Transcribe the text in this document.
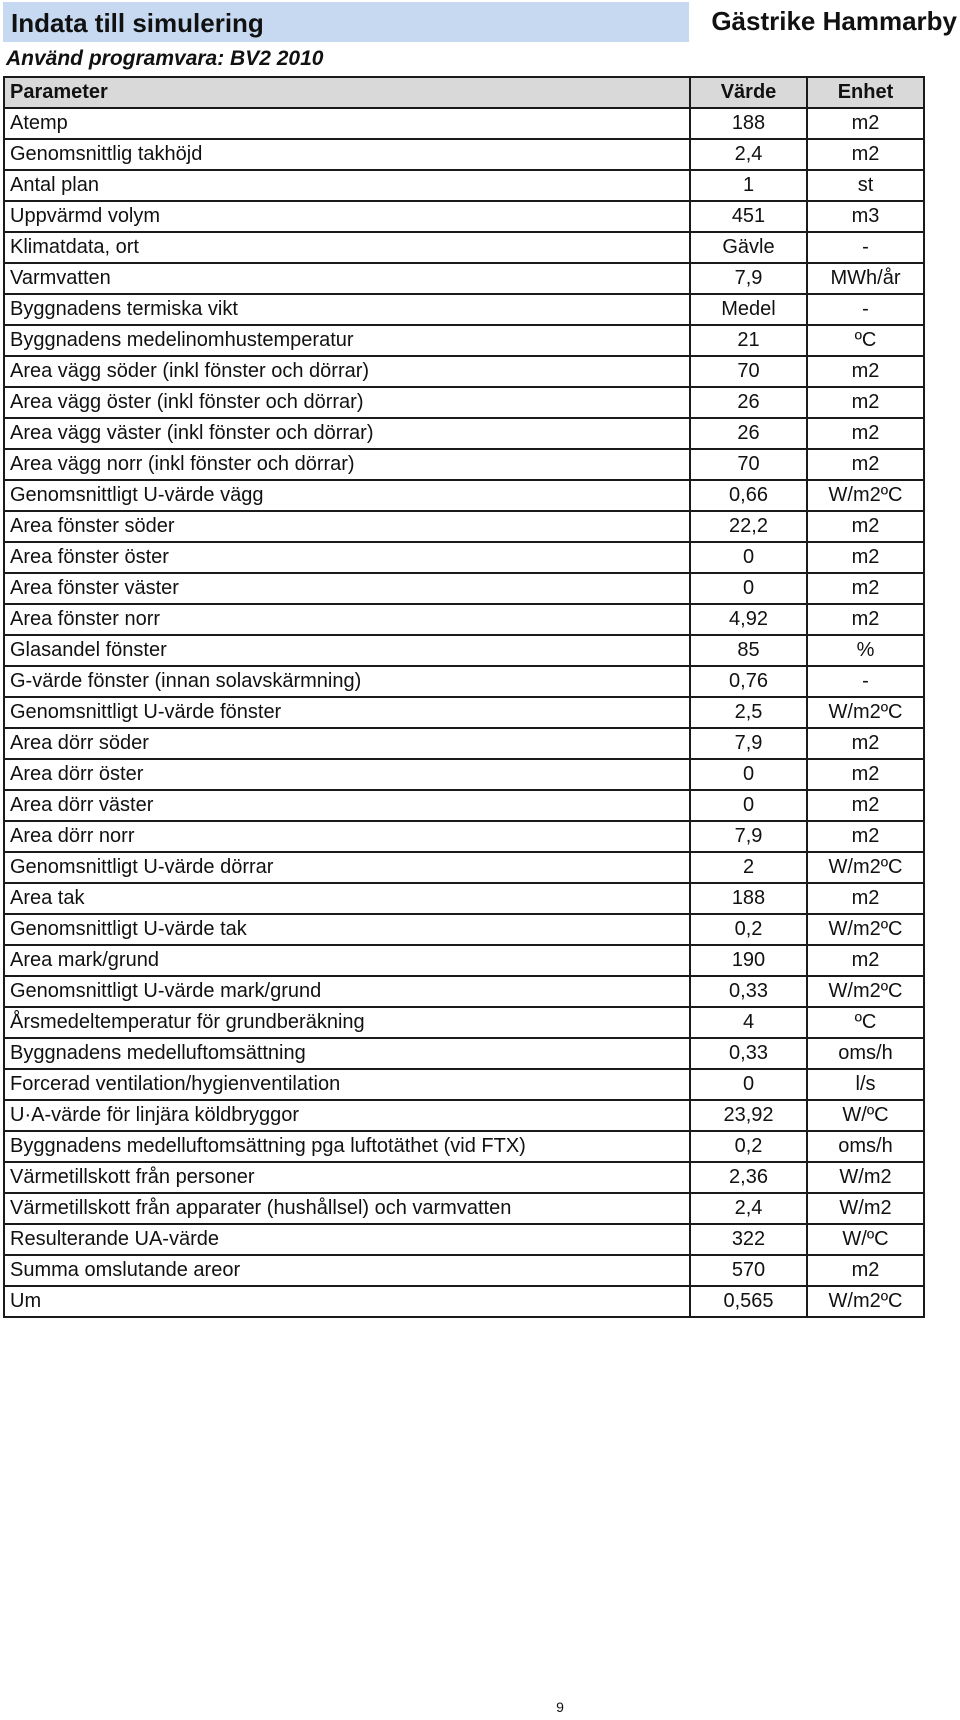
Indata till simulering	Gästrike Hammarby
Använd programvara: BV2 2010
Parameter	Värde	Enhet
Atemp	188	m2
Genomsnittlig takhöjd	2,4	m2
Antal plan	1	st
Uppvärmd volym	451	m3
Klimatdata, ort	Gävle	-
Varmvatten	7,9	MWh/år
Byggnadens termiska vikt	Medel	-
Byggnadens medelinomhustemperatur	21	ºC
Area vägg söder (inkl fönster och dörrar)	70	m2
Area vägg öster (inkl fönster och dörrar)	26	m2
Area vägg väster (inkl fönster och dörrar)	26	m2
Area vägg norr (inkl fönster och dörrar)	70	m2
Genomsnittligt U-värde vägg	0,66	W/m2ºC
Area fönster söder	22,2	m2
Area fönster öster	0	m2
Area fönster väster	0	m2
Area fönster norr	4,92	m2
Glasandel fönster	85	%
G-värde fönster (innan solavskärmning)	0,76	-
Genomsnittligt U-värde fönster	2,5	W/m2ºC
Area dörr söder	7,9	m2
Area dörr öster	0	m2
Area dörr väster	0	m2
Area dörr norr	7,9	m2
Genomsnittligt U-värde dörrar	2	W/m2ºC
Area tak	188	m2
Genomsnittligt U-värde tak	0,2	W/m2ºC
Area mark/grund	190	m2
Genomsnittligt U-värde mark/grund	0,33	W/m2ºC
Årsmedeltemperatur för grundberäkning	4	ºC
Byggnadens medelluftomsättning	0,33	oms/h
Forcerad ventilation/hygienventilation	0	l/s
U·A-värde för linjära köldbryggor	23,92	W/ºC
Byggnadens medelluftomsättning pga luftotäthet (vid FTX)	0,2	oms/h
Värmetillskott från personer	2,36	W/m2
Värmetillskott från apparater (hushållsel) och varmvatten	2,4	W/m2
Resulterande UA-värde	322	W/ºC
Summa omslutande areor	570	m2
Um	0,565	W/m2ºC
9
